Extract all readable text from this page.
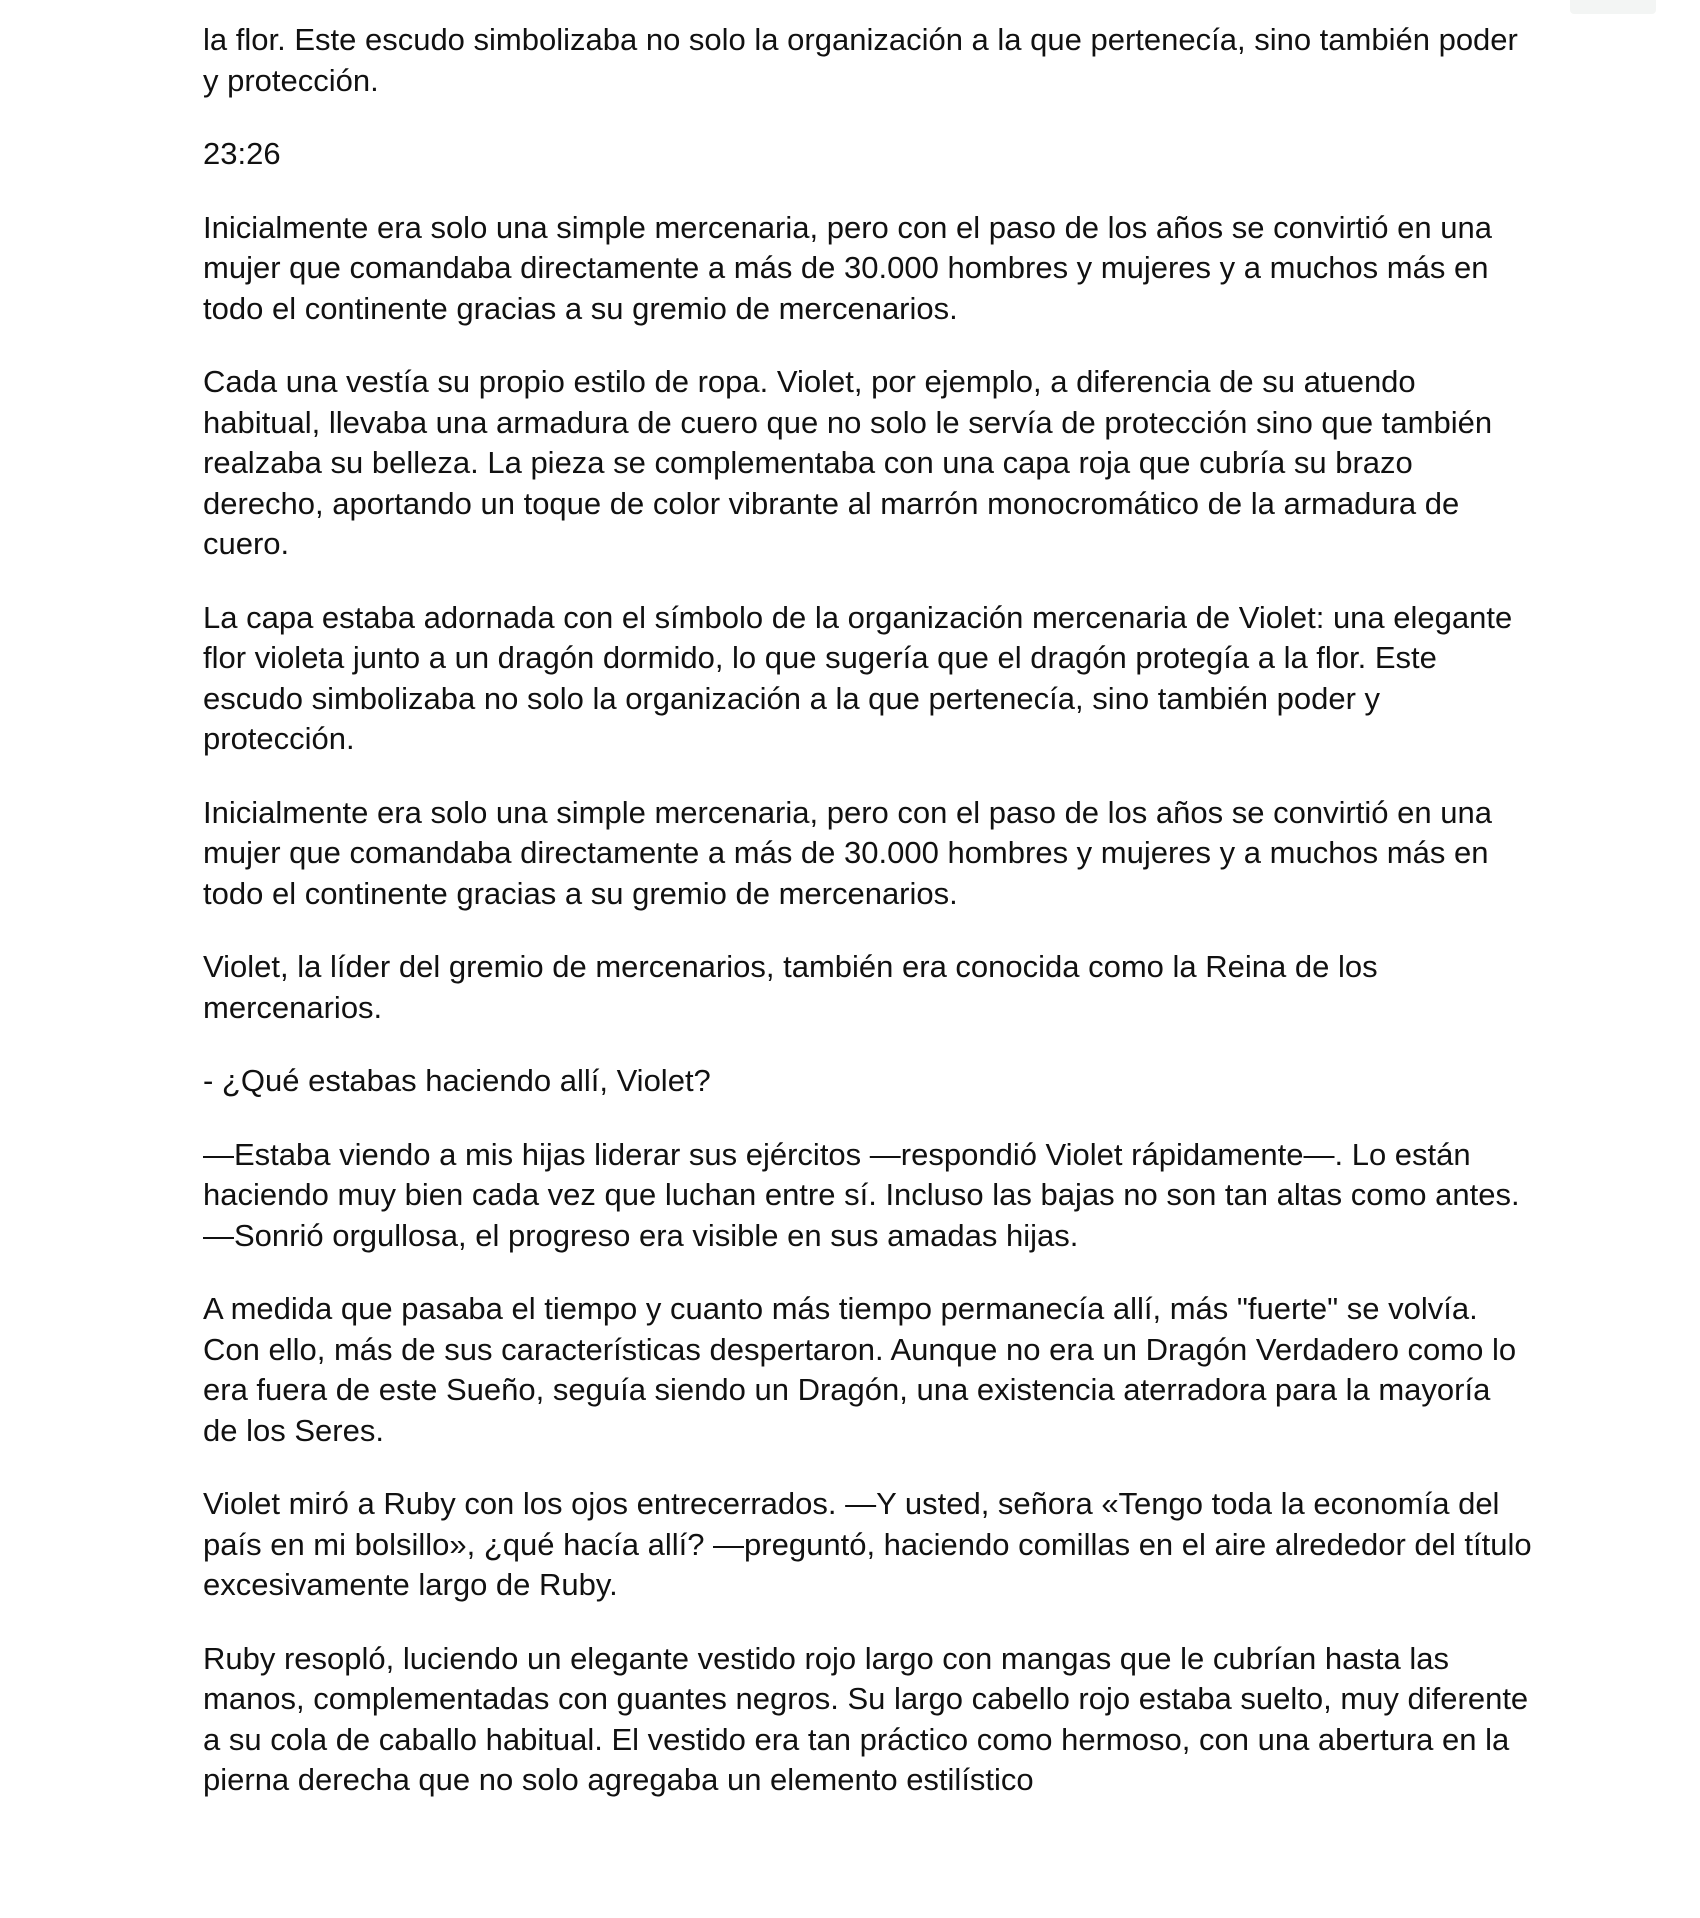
la flor. Este escudo simbolizaba no solo la organización a la que pertenecía, sino también poder y protección.

23:26

Inicialmente era solo una simple mercenaria, pero con el paso de los años se convirtió en una mujer que comandaba directamente a más de 30.000 hombres y mujeres y a muchos más en todo el continente gracias a su gremio de mercenarios.

Cada una vestía su propio estilo de ropa. Violet, por ejemplo, a diferencia de su atuendo habitual, llevaba una armadura de cuero que no solo le servía de protección sino que también realzaba su belleza. La pieza se complementaba con una capa roja que cubría su brazo derecho, aportando un toque de color vibrante al marrón monocromático de la armadura de cuero.

La capa estaba adornada con el símbolo de la organización mercenaria de Violet: una elegante flor violeta junto a un dragón dormido, lo que sugería que el dragón protegía a la flor. Este escudo simbolizaba no solo la organización a la que pertenecía, sino también poder y protección.

Inicialmente era solo una simple mercenaria, pero con el paso de los años se convirtió en una mujer que comandaba directamente a más de 30.000 hombres y mujeres y a muchos más en todo el continente gracias a su gremio de mercenarios.

Violet, la líder del gremio de mercenarios, también era conocida como la Reina de los mercenarios.

- ¿Qué estabas haciendo allí, Violet?

—Estaba viendo a mis hijas liderar sus ejércitos —respondió Violet rápidamente—. Lo están haciendo muy bien cada vez que luchan entre sí. Incluso las bajas no son tan altas como antes. —Sonrió orgullosa, el progreso era visible en sus amadas hijas.

A medida que pasaba el tiempo y cuanto más tiempo permanecía allí, más "fuerte" se volvía. Con ello, más de sus características despertaron. Aunque no era un Dragón Verdadero como lo era fuera de este Sueño, seguía siendo un Dragón, una existencia aterradora para la mayoría de los Seres.

Violet miró a Ruby con los ojos entrecerrados. —Y usted, señora «Tengo toda la economía del país en mi bolsillo», ¿qué hacía allí? —preguntó, haciendo comillas en el aire alrededor del título excesivamente largo de Ruby.

Ruby resopló, luciendo un elegante vestido rojo largo con mangas que le cubrían hasta las manos, complementadas con guantes negros. Su largo cabello rojo estaba suelto, muy diferente a su cola de caballo habitual. El vestido era tan práctico como hermoso, con una abertura en la pierna derecha que no solo agregaba un elemento estilístico
